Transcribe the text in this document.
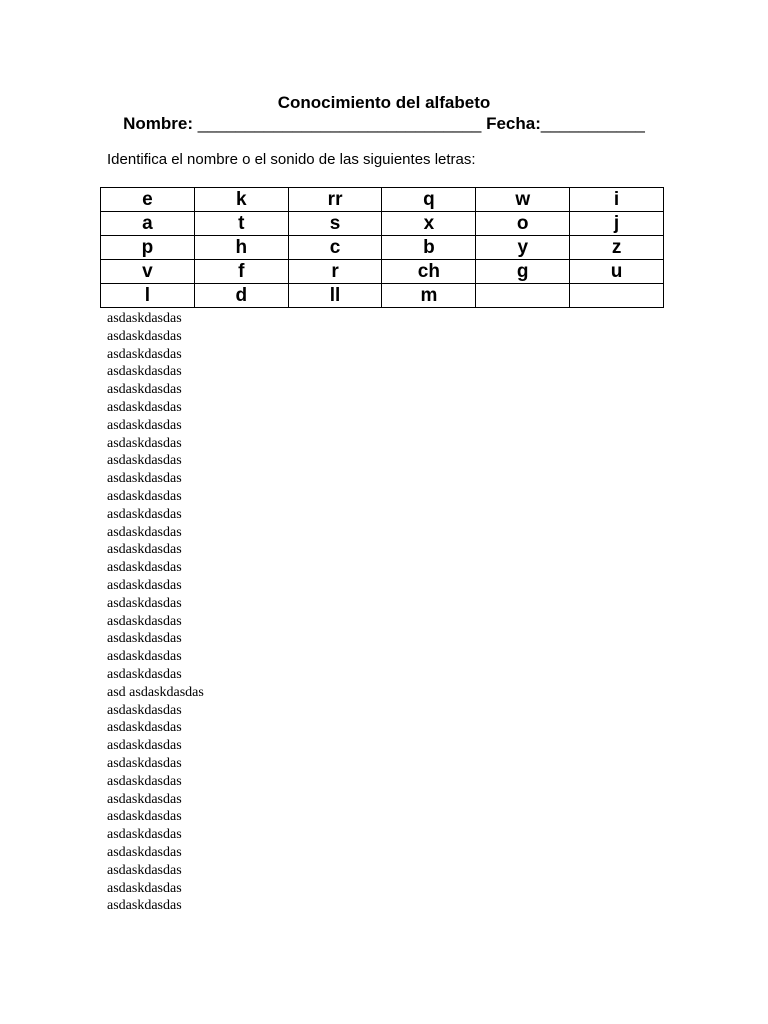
Conocimiento del alfabeto
Nombre: ______________________________ Fecha:___________
Identifica el nombre o el sonido de las siguientes letras:
e	k	rr	q	w	i
a	t	s	x	o	j
p	h	c	b	y	z
v	f	r	ch	g	u
l	d	ll	m		
asdaskdasdas
asdaskdasdas
asdaskdasdas
asdaskdasdas
asdaskdasdas
asdaskdasdas
asdaskdasdas
asdaskdasdas
asdaskdasdas
asdaskdasdas
asdaskdasdas
asdaskdasdas
asdaskdasdas
asdaskdasdas
asdaskdasdas
asdaskdasdas
asdaskdasdas
asdaskdasdas
asdaskdasdas
asdaskdasdas
asdaskdasdas
asd asdaskdasdas
asdaskdasdas
asdaskdasdas
asdaskdasdas
asdaskdasdas
asdaskdasdas
asdaskdasdas
asdaskdasdas
asdaskdasdas
asdaskdasdas
asdaskdasdas
asdaskdasdas
asdaskdasdas
